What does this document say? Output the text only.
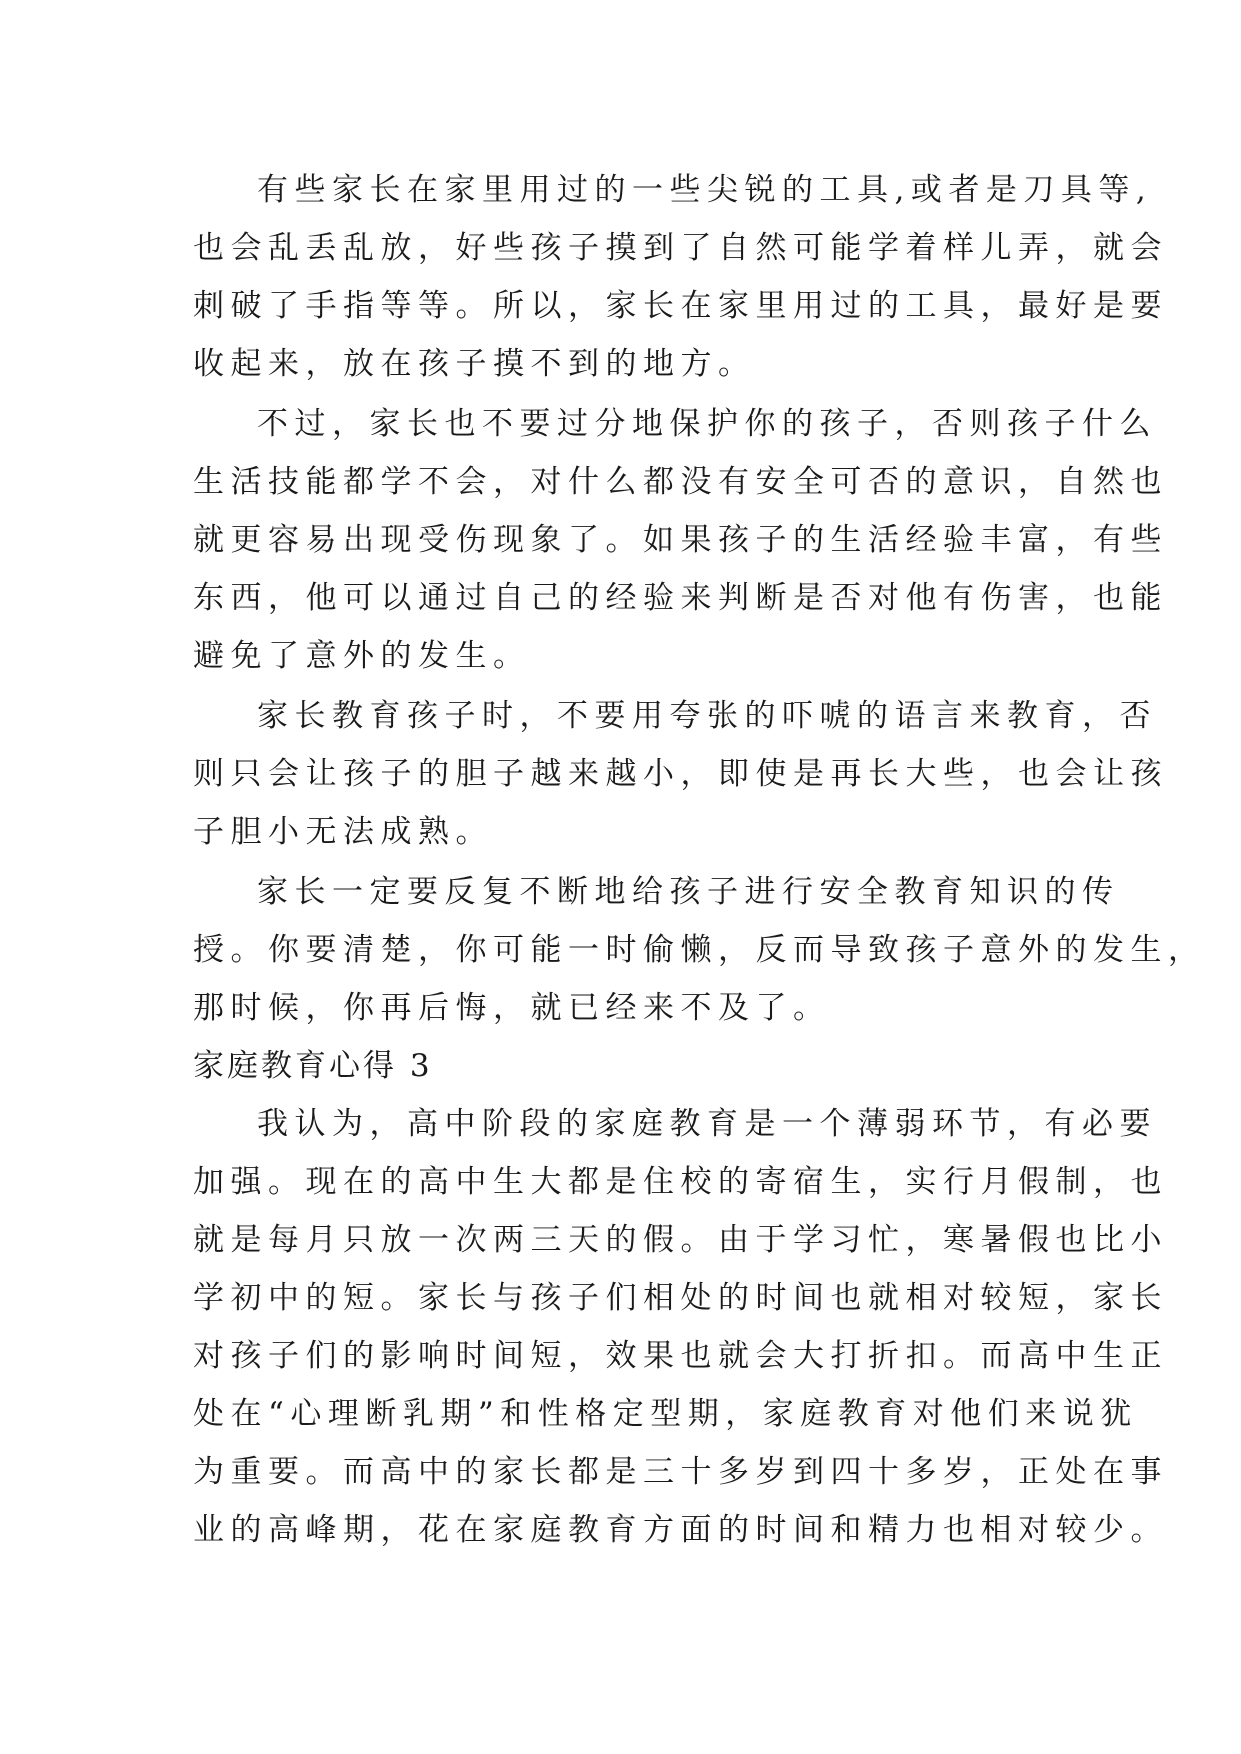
有些家长在家里用过的一些尖锐的工具,或者是刀具等,
也会乱丢乱放，好些孩子摸到了自然可能学着样儿弄，就会
刺破了手指等等。所以，家长在家里用过的工具，最好是要
收起来，放在孩子摸不到的地方。
不过，家长也不要过分地保护你的孩子，否则孩子什么
生活技能都学不会，对什么都没有安全可否的意识，自然也
就更容易出现受伤现象了。如果孩子的生活经验丰富，有些
东西，他可以通过自己的经验来判断是否对他有伤害，也能
避免了意外的发生。
家长教育孩子时，不要用夸张的吓唬的语言来教育，否
则只会让孩子的胆子越来越小，即使是再长大些，也会让孩
子胆小无法成熟。
家长一定要反复不断地给孩子进行安全教育知识的传
授。你要清楚，你可能一时偷懒，反而导致孩子意外的发生，
那时候，你再后悔，就已经来不及了。
家庭教育心得 3
我认为，高中阶段的家庭教育是一个薄弱环节，有必要
加强。现在的高中生大都是住校的寄宿生，实行月假制，也
就是每月只放一次两三天的假。由于学习忙，寒暑假也比小
学初中的短。家长与孩子们相处的时间也就相对较短，家长
对孩子们的影响时间短，效果也就会大打折扣。而高中生正
处在“心理断乳期”和性格定型期，家庭教育对他们来说犹
为重要。而高中的家长都是三十多岁到四十多岁，正处在事
业的高峰期，花在家庭教育方面的时间和精力也相对较少。
